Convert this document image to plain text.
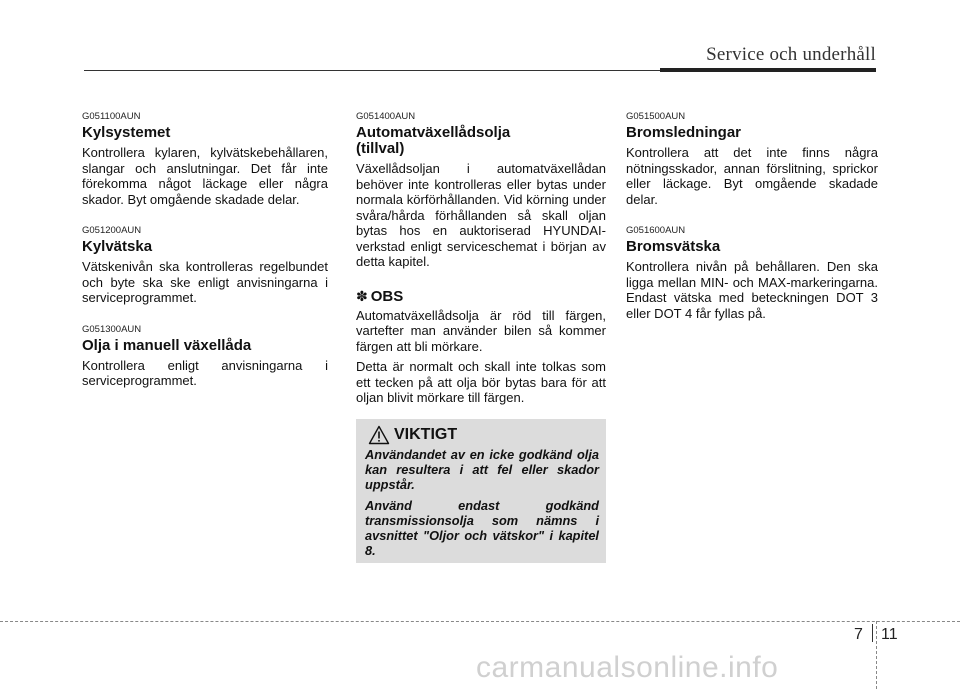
Service och underhåll
G051100AUN
Kylsystemet

Kontrollera kylaren, kylvätskebehållaren, slangar och anslutningar. Det får inte förekomma något läckage eller några skador. Byt omgående skadade delar.

G051200AUN
Kylvätska

Vätskenivån ska kontrolleras regelbundet och byte ska ske enligt anvisningarna i serviceprogrammet.

G051300AUN
Olja i manuell växellåda

Kontrollera enligt anvisningarna i serviceprogrammet.

G051400AUN
Automatväxellådsolja
(tillval)

Växellådsoljan i automatväxellådan behöver inte kontrolleras eller bytas under normala körförhållanden. Vid körning under svåra/hårda förhållanden så skall oljan bytas hos en auktoriserad HYUNDAI-verkstad enligt serviceschemat i början av detta kapitel.

✽ OBS

Automatväxellådsolja är röd till färgen, vartefter man använder bilen så kommer färgen att bli mörkare.

Detta är normalt och skall inte tolkas som ett tecken på att olja bör bytas bara för att oljan blivit mörkare till färgen.

VIKTIGT

Användandet av en icke godkänd olja kan resultera i att fel eller skador uppstår.

Använd endast godkänd transmissionsolja som nämns i avsnittet "Oljor och vätskor" i kapitel 8.

G051500AUN
Bromsledningar

Kontrollera att det inte finns några nötningsskador, annan förslitning, sprickor eller läckage. Byt omgående skadade delar.

G051600AUN
Bromsvätska

Kontrollera nivån på behållaren. Den ska ligga mellan MIN- och MAX-markeringarna. Endast vätska med beteckningen DOT 3 eller DOT 4 får fyllas på.

7 11
carmanualsonline.info
